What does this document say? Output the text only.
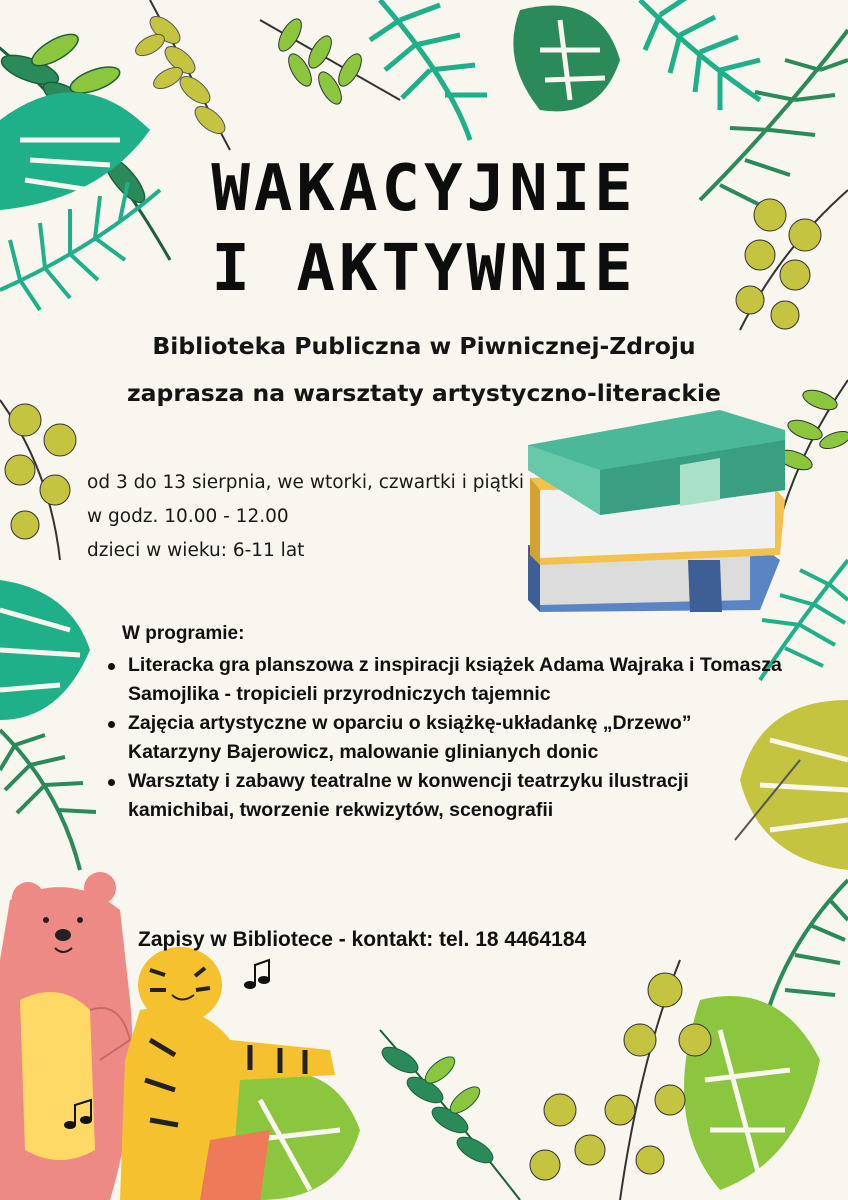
WAKACYJNIE
I AKTYWNIE
Biblioteka Publiczna w Piwnicznej-Zdroju
zaprasza na warsztaty artystyczno-literackie
od 3 do 13 sierpnia, we wtorki, czwartki i piątki
w godz. 10.00 - 12.00
dzieci w wieku: 6-11 lat
W programie:
Literacka gra planszowa z inspiracji książek Adama Wajraka i Tomasza Samojlika - tropicieli przyrodniczych tajemnic
Zajęcia artystyczne w oparciu o książkę-układankę „Drzewo” Katarzyny Bajerowicz, malowanie glinianych donic
Warsztaty i zabawy teatralne w konwencji teatrzyku ilustracji kamichibai, tworzenie rekwizytów, scenografii
Zapisy w Bibliotece - kontakt: tel. 18 4464184
